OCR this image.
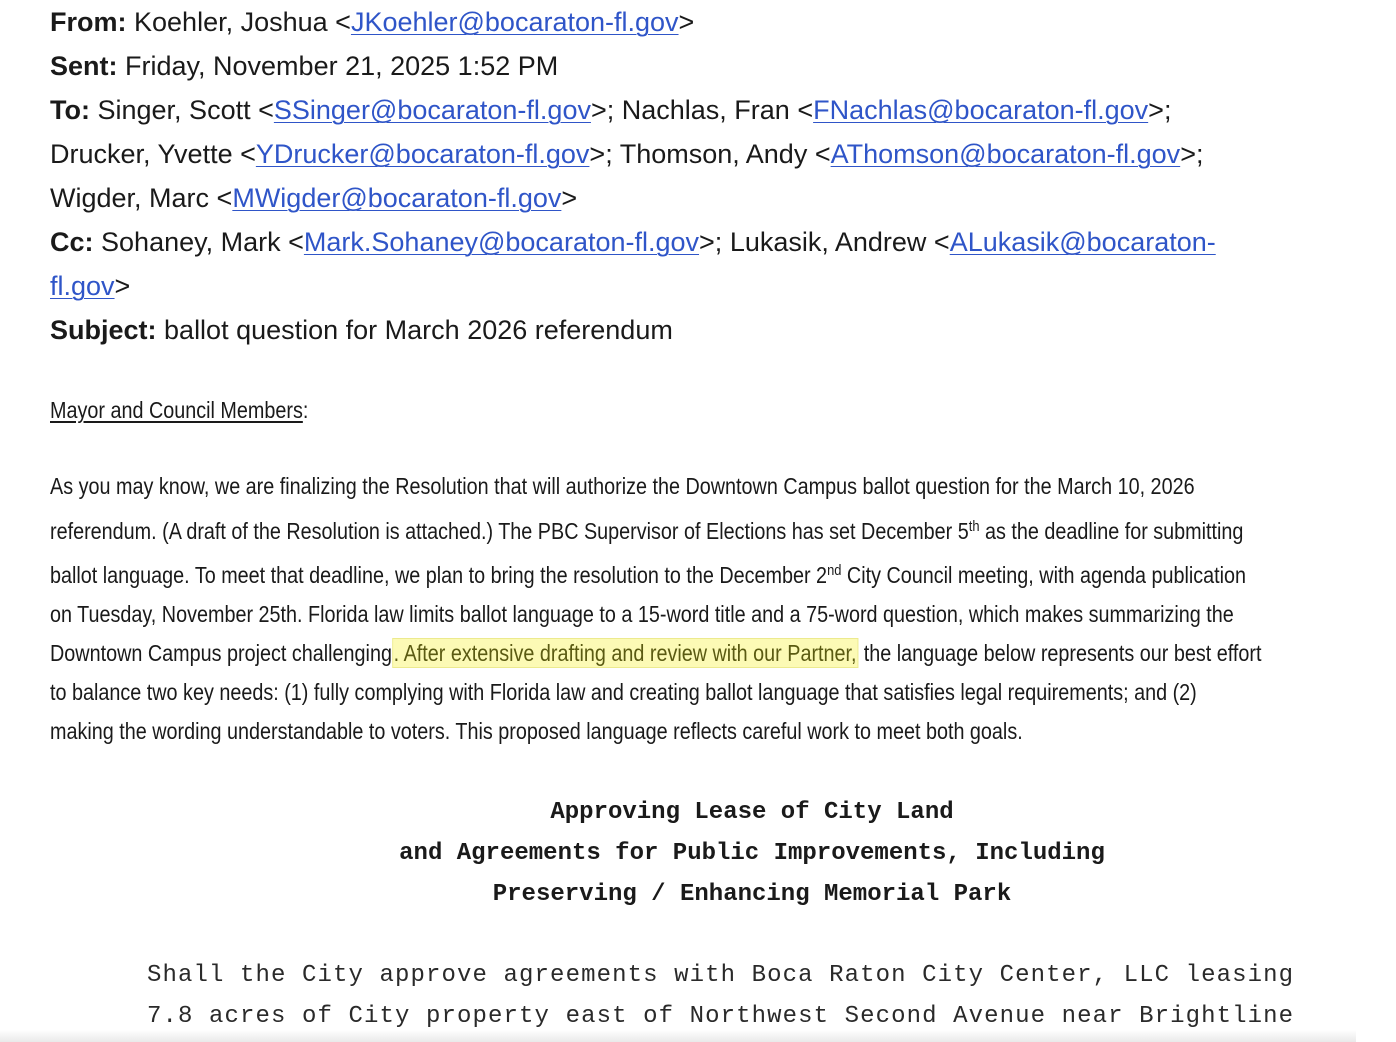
From: Koehler, Joshua <JKoehler@bocaraton-fl.gov>
Sent: Friday, November 21, 2025 1:52 PM
To: Singer, Scott <SSinger@bocaraton-fl.gov>; Nachlas, Fran <FNachlas@bocaraton-fl.gov>;
Drucker, Yvette <YDrucker@bocaraton-fl.gov>; Thomson, Andy <AThomson@bocaraton-fl.gov>;
Wigder, Marc <MWigder@bocaraton-fl.gov>
Cc: Sohaney, Mark <Mark.Sohaney@bocaraton-fl.gov>; Lukasik, Andrew <ALukasik@bocaraton-
fl.gov>
Subject: ballot question for March 2026 referendum
Mayor and Council Members:
As you may know, we are finalizing the Resolution that will authorize the Downtown Campus ballot question for the March 10, 2026
referendum. (A draft of the Resolution is attached.) The PBC Supervisor of Elections has set December 5th as the deadline for submitting
ballot language. To meet that deadline, we plan to bring the resolution to the December 2nd City Council meeting, with agenda publication
on Tuesday, November 25th. Florida law limits ballot language to a 15-word title and a 75-word question, which makes summarizing the
Downtown Campus project challenging. After extensive drafting and review with our Partner, the language below represents our best effort
to balance two key needs: (1) fully complying with Florida law and creating ballot language that satisfies legal requirements; and (2)
making the wording understandable to voters. This proposed language reflects careful work to meet both goals.
Approving Lease of City Land
and Agreements for Public Improvements, Including
Preserving / Enhancing Memorial Park
Shall the City approve agreements with Boca Raton City Center, LLC leasing
7.8 acres of City property east of Northwest Second Avenue near Brightline
